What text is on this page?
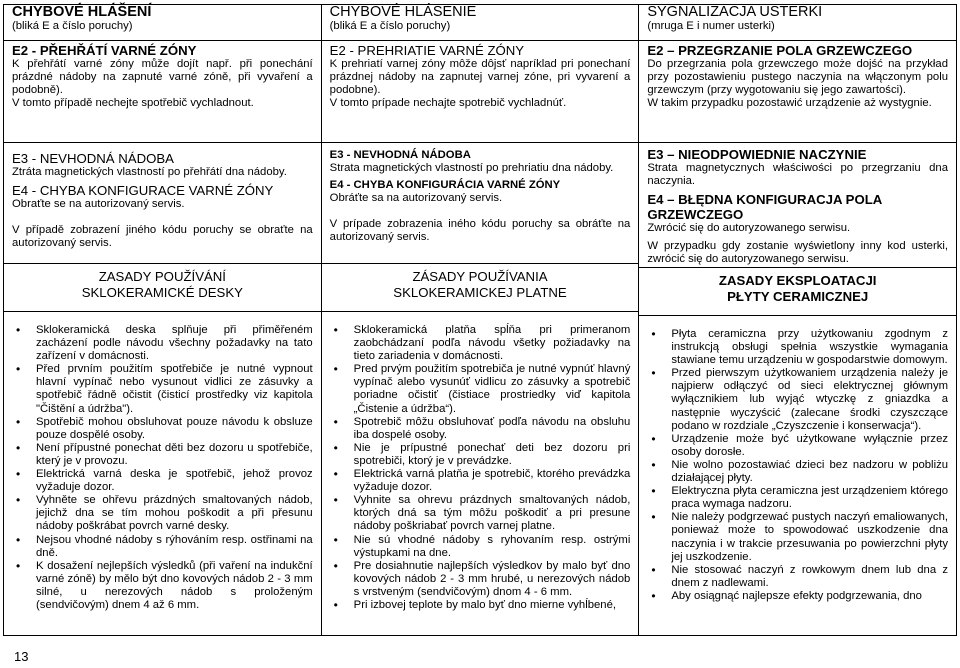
CHYBOVÉ HLÁŠENÍ
(bliká E a číslo poruchy)
E2 - PŘEHŘÁTÍ VARNÉ ZÓNY
K přehřátí varné zóny může dojít např. při ponechání prázdné nádoby na zapnuté varné zóně, při vyvaření a podobně).
V tomto případě nechejte spotřebič vychladnout.
E3 - NEVHODNÁ NÁDOBA
Ztráta magnetických vlastností po přehřátí dna nádoby.
E4 - CHYBA KONFIGURACE VARNÉ ZÓNY
Obraťte se na autorizovaný servis.
V případě zobrazení jiného kódu poruchy se obraťte na autorizovaný servis.
ZASADY POUŽÍVÁNÍ
SKLOKERAMICKÉ DESKY
• Sklokeramická deska splňuje při přiměřeném zacházení podle návodu všechny požadavky na tato zařízení v domácnosti.
• Před prvním použitím spotřebiče je nutné vypnout hlavní vypínač nebo vysunout vidlici ze zásuvky a spotřebič řádně očistit (čisticí prostředky viz kapitola "Čištění a údržba").
• Spotřebič mohou obsluhovat pouze návodu k obsluze pouze dospělé osoby.
• Není přípustné ponechat děti bez dozoru u spotřebiče, který je v provozu.
• Elektrická varná deska je spotřebič, jehož provoz vyžaduje dozor.
• Vyhněte se ohřevu prázdných smaltovaných nádob, jejichž dna se tím mohou poškodit a při přesunu nádoby poškrábat povrch varné desky.
• Nejsou vhodné nádoby s rýhováním resp. ostřinami na dně.
• K dosažení nejlepších výsledků (při vaření na indukční varné zóně) by mělo být dno kovových nádob 2 - 3 mm silné, u nerezových nádob s proloženým (sendvičovým) dnem 4 až 6 mm.
CHYBOVÉ HLÁSENIE
(bliká E a číslo poruchy)
E2 - PREHRIATIE VARNÉ ZÓNY
K prehriatí varnej zóny môže dôjsť napríklad pri ponechaní prázdnej nádoby na zapnutej varnej zóne, pri vyvarení a podobne).
V tomto prípade nechajte spotrebič vychladnúť.
E3 - NEVHODNÁ NÁDOBA
Strata magnetických vlastností po prehriatiu dna nádoby.
E4 - CHYBA KONFIGURÁCIA VARNÉ ZÓNY
Obráťte sa na autorizovaný servis.
V prípade zobrazenia iného kódu poruchy sa obráťte na autorizovaný servis.
ZÁSADY POUŽÍVANIA
SKLOKERAMICKEJ PLATNE
• Sklokeramická platňa spĺňa pri primeranom zaobchádzaní podľa návodu všetky požiadavky na tieto zariadenia v domácnosti.
• Pred prvým použitím spotrebiča je nutné vypnúť hlavný vypínač alebo vysunúť vidlicu zo zásuvky a spotrebič poriadne očistiť (čistiace prostriedky viď kapitola „Čistenie a údržba“).
• Spotrebič môžu obsluhovať podľa návodu na obsluhu iba dospelé osoby.
• Nie je prípustné ponechať deti bez dozoru pri spotrebiči, ktorý je v prevádzke.
• Elektrická varná platňa je spotrebič, ktorého prevádzka vyžaduje dozor.
• Vyhnite sa ohrevu prázdnych smaltovaných nádob, ktorých dná sa tým môžu poškodiť a pri presune nádoby poškriabať povrch varnej platne.
• Nie sú vhodné nádoby s ryhovaním resp. ostrými výstupkami na dne.
• Pre dosiahnutie najlepších výsledkov by malo byť dno kovových nádob 2 - 3 mm hrubé, u nerezových nádob s vrstveným (sendvičovým) dnom 4 - 6 mm.
• Pri izbovej teplote by malo byť dno mierne vyhĺbené,
SYGNALIZACJA USTERKI
(mruga E i numer usterki)
E2 – PRZEGRZANIE POLA GRZEWCZEGO
Do przegrzania pola grzewczego może dojść na przykład przy pozostawieniu pustego naczynia na włączonym polu grzewczym (przy wygotowaniu się jego zawartości).
W takim przypadku pozostawić urządzenie aż wystygnie.
E3 – NIEODPOWIEDNIE NACZYNIE
Strata magnetycznych właściwości po przegrzaniu dna naczynia.
E4 – BŁĘDNA KONFIGURACJA POLA GRZEWCZEGO
Zwrócić się do autoryzowanego serwisu.
W przypadku gdy zostanie wyświetlony inny kod usterki, zwrócić się do autoryzowanego serwisu.
ZASADY EKSPLOATACJI
PŁYTY CERAMICZNEJ
• Płyta ceramiczna przy użytkowaniu zgodnym z instrukcją obsługi spełnia wszystkie wymagania stawiane temu urządzeniu w gospodarstwie domowym.
• Przed pierwszym użytkowaniem urządzenia należy je najpierw odłączyć od sieci elektrycznej głównym wyłącznikiem lub wyjąć wtyczkę z gniazdka a następnie wyczyścić (zalecane środki czyszczące podano w rozdziale „Czyszczenie i konserwacja“).
• Urządzenie może być użytkowane wyłącznie przez osoby dorosłe.
• Nie wolno pozostawiać dzieci bez nadzoru w pobliżu działającej płyty.
• Elektryczna płyta ceramiczna jest urządzeniem którego praca wymaga nadzoru.
• Nie należy podgrzewać pustych naczyń emaliowanych, ponieważ może to spowodować uszkodzenie dna naczynia i w trakcie przesuwania po powierzchni płyty jej uszkodzenie.
• Nie stosować naczyń z rowkowym dnem lub dna z dnem z nadlewami.
• Aby osiągnąć najlepsze efekty podgrzewania, dno
13
